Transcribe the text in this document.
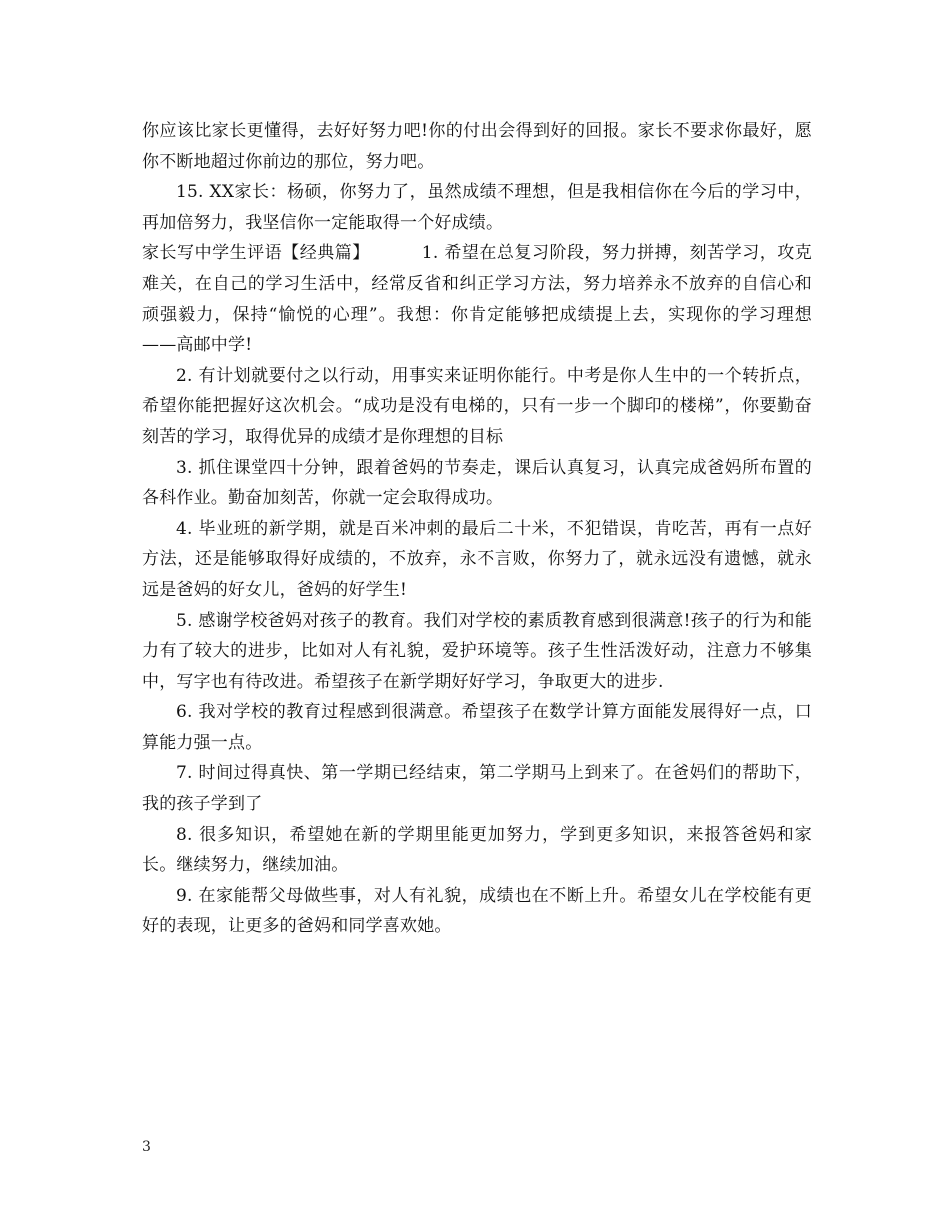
你应该比家长更懂得，去好好努力吧!你的付出会得到好的回报。家长不要求你最好，愿你不断地超过你前边的那位，努力吧。

15. XX家长：杨硕，你努力了，虽然成绩不理想，但是我相信你在今后的学习中，再加倍努力，我坚信你一定能取得一个好成绩。

家长写中学生评语【经典篇】	1. 希望在总复习阶段，努力拼搏，刻苦学习，攻克难关，在自己的学习生活中，经常反省和纠正学习方法，努力培养永不放弃的自信心和顽强毅力，保持“愉悦的心理”。我想：你肯定能够把成绩提上去，实现你的学习理想——高邮中学!

2. 有计划就要付之以行动，用事实来证明你能行。中考是你人生中的一个转折点，希望你能把握好这次机会。“成功是没有电梯的，只有一步一个脚印的楼梯”，你要勤奋刻苦的学习，取得优异的成绩才是你理想的目标

3. 抓住课堂四十分钟，跟着爸妈的节奏走，课后认真复习，认真完成爸妈所布置的各科作业。勤奋加刻苦，你就一定会取得成功。

4. 毕业班的新学期，就是百米冲刺的最后二十米，不犯错误，肯吃苦，再有一点好方法，还是能够取得好成绩的，不放弃，永不言败，你努力了，就永远没有遗憾，就永远是爸妈的好女儿，爸妈的好学生!

5. 感谢学校爸妈对孩子的教育。我们对学校的素质教育感到很满意!孩子的行为和能力有了较大的进步，比如对人有礼貌，爱护环境等。孩子生性活泼好动，注意力不够集中，写字也有待改进。希望孩子在新学期好好学习，争取更大的进步.

6. 我对学校的教育过程感到很满意。希望孩子在数学计算方面能发展得好一点，口算能力强一点。

7. 时间过得真快、第一学期已经结束，第二学期马上到来了。在爸妈们的帮助下，我的孩子学到了

8. 很多知识，希望她在新的学期里能更加努力，学到更多知识，来报答爸妈和家长。继续努力，继续加油。

9. 在家能帮父母做些事，对人有礼貌，成绩也在不断上升。希望女儿在学校能有更好的表现，让更多的爸妈和同学喜欢她。

3
